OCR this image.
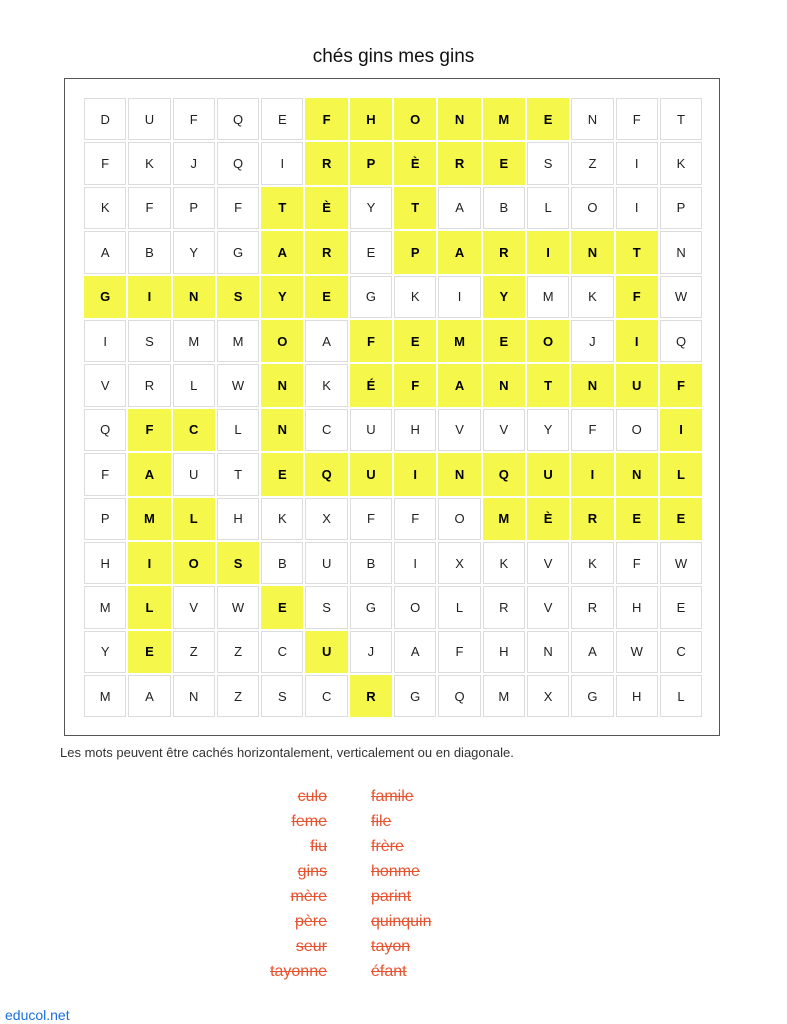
chés gins mes gins
D	U	F	Q	E	F	H	O	N	M	E	N	F	T
F	K	J	Q	I	R	P	È	R	E	S	Z	I	K
K	F	P	F	T	È	Y	T	A	B	L	O	I	P
A	B	Y	G	A	R	E	P	A	R	I	N	T	N
G	I	N	S	Y	E	G	K	I	Y	M	K	F	W
I	S	M	M	O	A	F	E	M	E	O	J	I	Q
V	R	L	W	N	K	É	F	A	N	T	N	U	F
Q	F	C	L	N	C	U	H	V	V	Y	F	O	I
F	A	U	T	E	Q	U	I	N	Q	U	I	N	L
P	M	L	H	K	X	F	F	O	M	È	R	E	E
H	I	O	S	B	U	B	I	X	K	V	K	F	W
M	L	V	W	E	S	G	O	L	R	V	R	H	E
Y	E	Z	Z	C	U	J	A	F	H	N	A	W	C
M	A	N	Z	S	C	R	G	Q	M	X	G	H	L
Les mots peuvent être cachés horizontalement, verticalement ou en diagonale.
culo
feme
fiu
gins
mère
père
seur
tayonne
famile
file
frère
honme
parint
quinquin
tayon
éfant
educol.net
